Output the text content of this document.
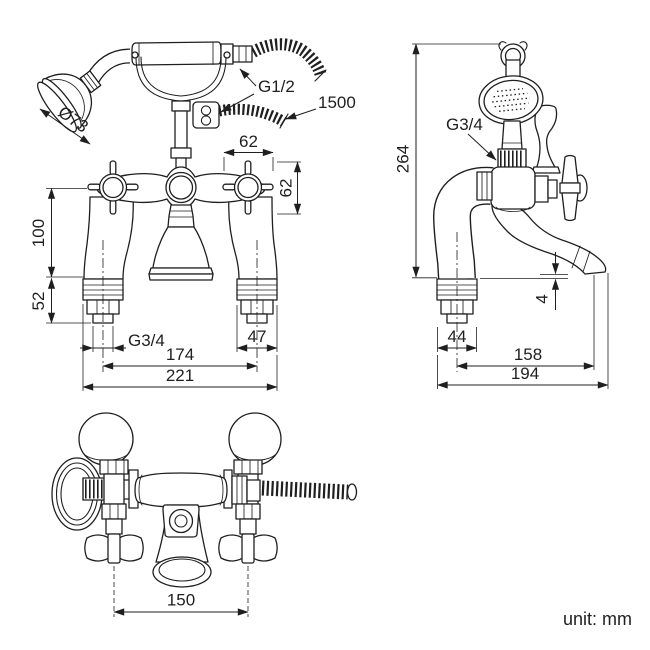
Ø73
G1/2
1500
62
62
100
52
G3/4	47
174
221
264
G3/4
4
44
158
194
150
unit: mm
